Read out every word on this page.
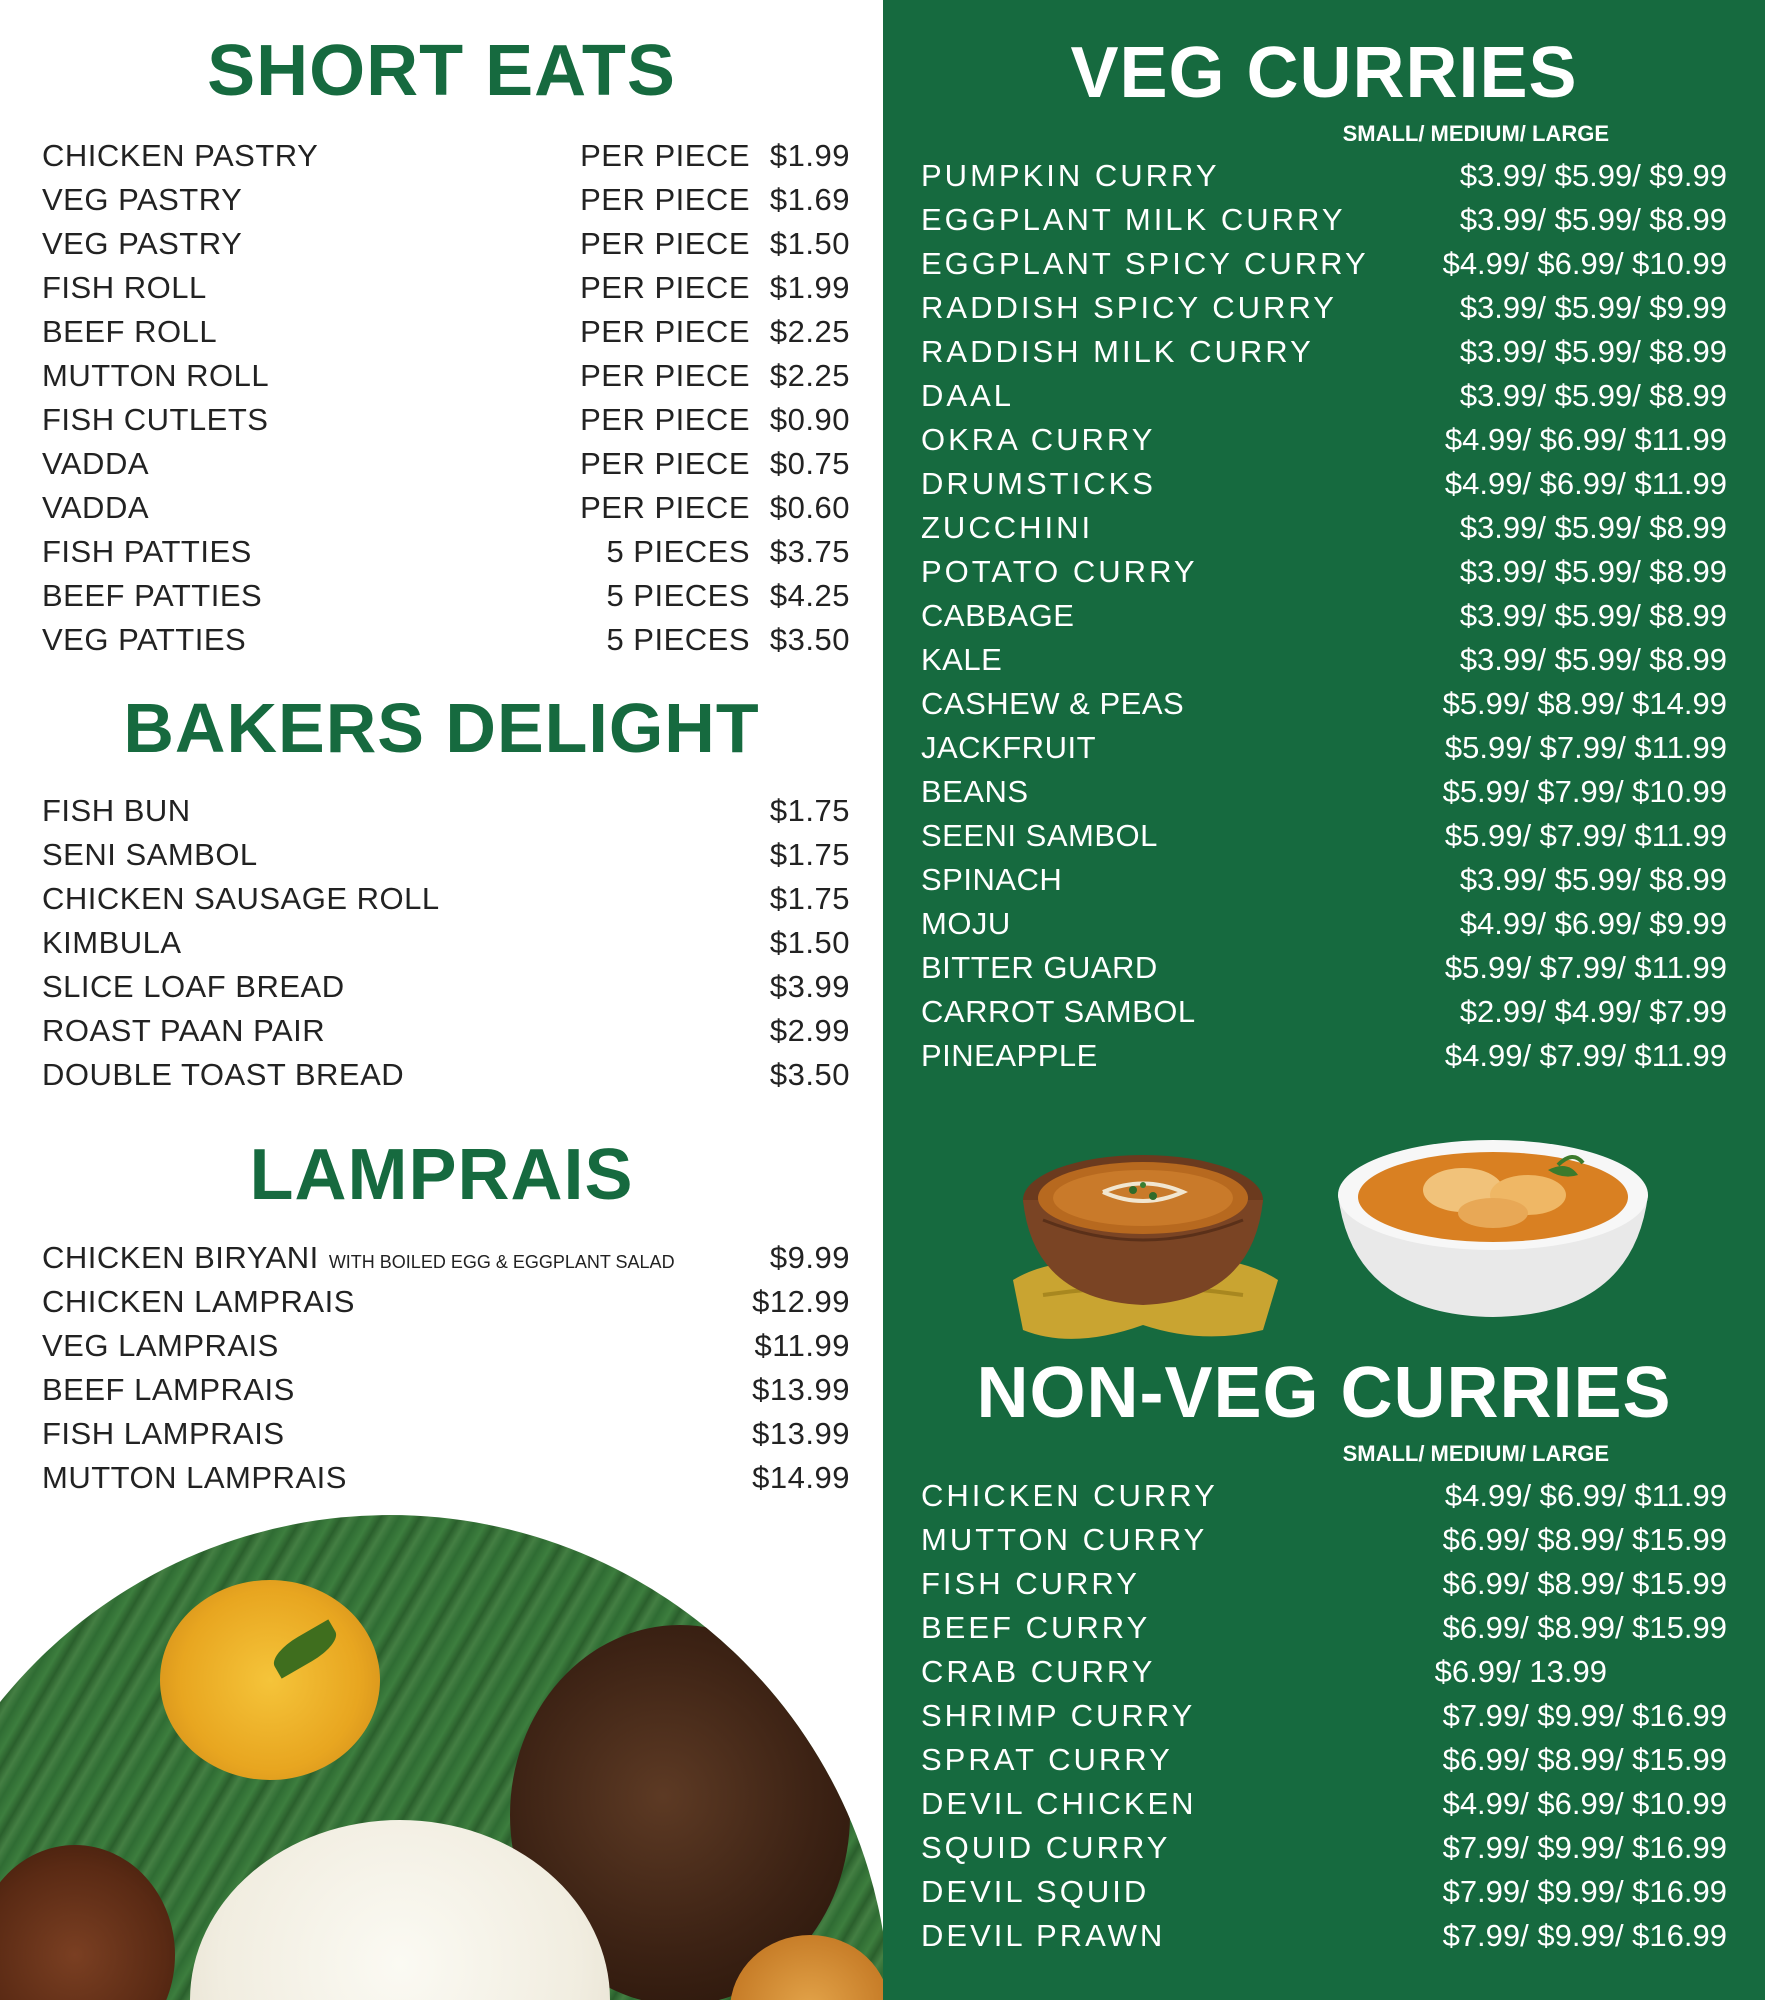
SHORT EATS
CHICKEN PASTRY	PER PIECE $1.99
VEG PASTRY	PER PIECE $1.69
VEG PASTRY	PER PIECE $1.50
FISH ROLL	PER PIECE $1.99
BEEF ROLL	PER PIECE $2.25
MUTTON ROLL	PER PIECE $2.25
FISH CUTLETS	PER PIECE $0.90
VADDA	PER PIECE $0.75
VADDA	PER PIECE $0.60
FISH PATTIES	5 PIECES $3.75
BEEF PATTIES	5 PIECES $4.25
VEG PATTIES	5 PIECES $3.50
BAKERS DELIGHT
FISH BUN	$1.75
SENI SAMBOL	$1.75
CHICKEN SAUSAGE ROLL	$1.75
KIMBULA	$1.50
SLICE LOAF BREAD	$3.99
ROAST PAAN PAIR	$2.99
DOUBLE TOAST BREAD	$3.50
LAMPRAIS
CHICKEN BIRYANI WITH BOILED EGG & EGGPLANT SALAD	$9.99
CHICKEN LAMPRAIS	$12.99
VEG LAMPRAIS	$11.99
BEEF LAMPRAIS	$13.99
FISH LAMPRAIS	$13.99
MUTTON LAMPRAIS	$14.99
VEG CURRIES
SMALL/ MEDIUM/ LARGE
PUMPKIN CURRY	$3.99/ $5.99/ $9.99
EGGPLANT MILK CURRY	$3.99/ $5.99/ $8.99
EGGPLANT SPICY CURRY $4.99/ $6.99/ $10.99
RADDISH SPICY CURRY	$3.99/ $5.99/ $9.99
RADDISH MILK CURRY	$3.99/ $5.99/ $8.99
DAAL	$3.99/ $5.99/ $8.99
OKRA CURRY	$4.99/ $6.99/ $11.99
DRUMSTICKS	$4.99/ $6.99/ $11.99
ZUCCHINI	$3.99/ $5.99/ $8.99
POTATO CURRY	$3.99/ $5.99/ $8.99
CABBAGE	$3.99/ $5.99/ $8.99
KALE	$3.99/ $5.99/ $8.99
CASHEW & PEAS	$5.99/ $8.99/ $14.99
JACKFRUIT	$5.99/ $7.99/ $11.99
BEANS	$5.99/ $7.99/ $10.99
SEENI SAMBOL	$5.99/ $7.99/ $11.99
SPINACH	$3.99/ $5.99/ $8.99
MOJU	$4.99/ $6.99/ $9.99
BITTER GUARD	$5.99/ $7.99/ $11.99
CARROT SAMBOL	$2.99/ $4.99/ $7.99
PINEAPPLE	$4.99/ $7.99/ $11.99
NON-VEG CURRIES
SMALL/ MEDIUM/ LARGE
CHICKEN CURRY	$4.99/ $6.99/ $11.99
MUTTON CURRY	$6.99/ $8.99/ $15.99
FISH CURRY	$6.99/ $8.99/ $15.99
BEEF CURRY	$6.99/ $8.99/ $15.99
CRAB CURRY	$6.99/ 13.99
SHRIMP CURRY	$7.99/ $9.99/ $16.99
SPRAT CURRY	$6.99/ $8.99/ $15.99
DEVIL CHICKEN	$4.99/ $6.99/ $10.99
SQUID CURRY	$7.99/ $9.99/ $16.99
DEVIL SQUID	$7.99/ $9.99/ $16.99
DEVIL PRAWN	$7.99/ $9.99/ $16.99
